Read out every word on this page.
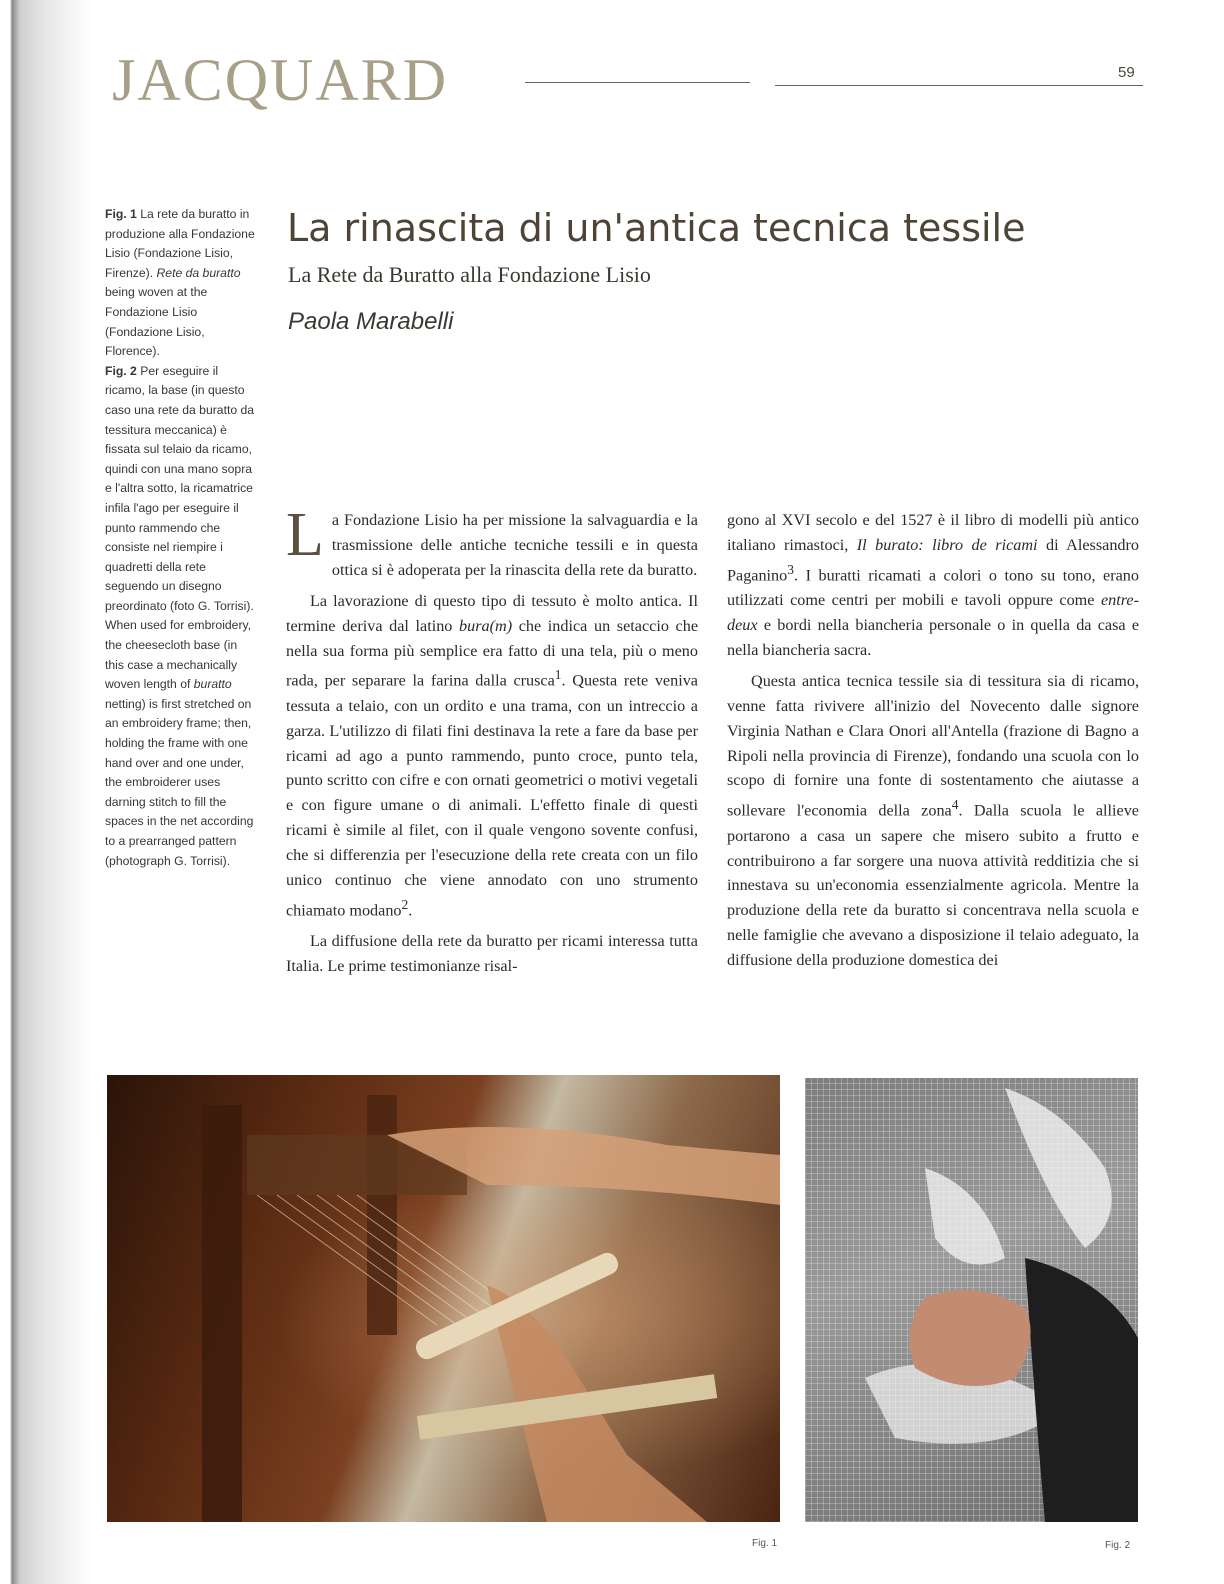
JACQUARD	59

Fig. 1 La rete da buratto in produzione alla Fondazione Lisio (Fondazione Lisio, Firenze). Rete da buratto being woven at the Fondazione Lisio (Fondazione Lisio, Florence).

Fig. 2 Per eseguire il ricamo, la base (in questo caso una rete da buratto da tessitura meccanica) è fissata sul telaio da ricamo, quindi con una mano sopra e l'altra sotto, la ricamatrice infila l'ago per eseguire il punto rammendo che consiste nel riempire i quadretti della rete seguendo un disegno preordinato (foto G. Torrisi). When used for embroidery, the cheesecloth base (in this case a mechanically woven length of buratto netting) is first stretched on an embroidery frame; then, holding the frame with one hand over and one under, the embroiderer uses darning stitch to fill the spaces in the net according to a prearranged pattern (photograph G. Torrisi).

La rinascita di un'antica tecnica tessile
La Rete da Buratto alla Fondazione Lisio
Paola Marabelli

La Fondazione Lisio ha per missione la salvaguardia e la trasmissione delle antiche tecniche tessili e in questa ottica si è adoperata per la rinascita della rete da buratto.

La lavorazione di questo tipo di tessuto è molto antica. Il termine deriva dal latino bura(m) che indica un setaccio che nella sua forma più semplice era fatto di una tela, più o meno rada, per separare la farina dalla crusca$^1$. Questa rete veniva tessuta a telaio, con un ordito e una trama, con un intreccio a garza. L'utilizzo di filati fini destinava la rete a fare da base per ricami ad ago a punto rammendo, punto croce, punto tela, punto scritto con cifre e con ornati geometrici o motivi vegetali e con figure umane o di animali. L'effetto finale di questi ricami è simile al filet, con il quale vengono sovente confusi, che si differenzia per l'esecuzione della rete creata con un filo unico continuo che viene annodato con uno strumento chiamato modano$^2$.

La diffusione della rete da buratto per ricami interessa tutta Italia. Le prime testimonianze risal-

gono al XVI secolo e del 1527 è il libro di modelli più antico italiano rimastoci, Il burato: libro de ricami di Alessandro Paganino$^3$. I buratti ricamati a colori o tono su tono, erano utilizzati come centri per mobili e tavoli oppure come entre-deux e bordi nella biancheria personale o in quella da casa e nella biancheria sacra.

Questa antica tecnica tessile sia di tessitura sia di ricamo, venne fatta rivivere all'inizio del Novecento dalle signore Virginia Nathan e Clara Onori all'Antella (frazione di Bagno a Ripoli nella provincia di Firenze), fondando una scuola con lo scopo di fornire una fonte di sostentamento che aiutasse a sollevare l'economia della zona$^4$. Dalla scuola le allieve portarono a casa un sapere che misero subito a frutto e contribuirono a far sorgere una nuova attività redditizia che si innestava su un'economia essenzialmente agricola. Mentre la produzione della rete da buratto si concentrava nella scuola e nelle famiglie che avevano a disposizione il telaio adeguato, la diffusione della produzione domestica dei

Fig. 1	Fig. 2
